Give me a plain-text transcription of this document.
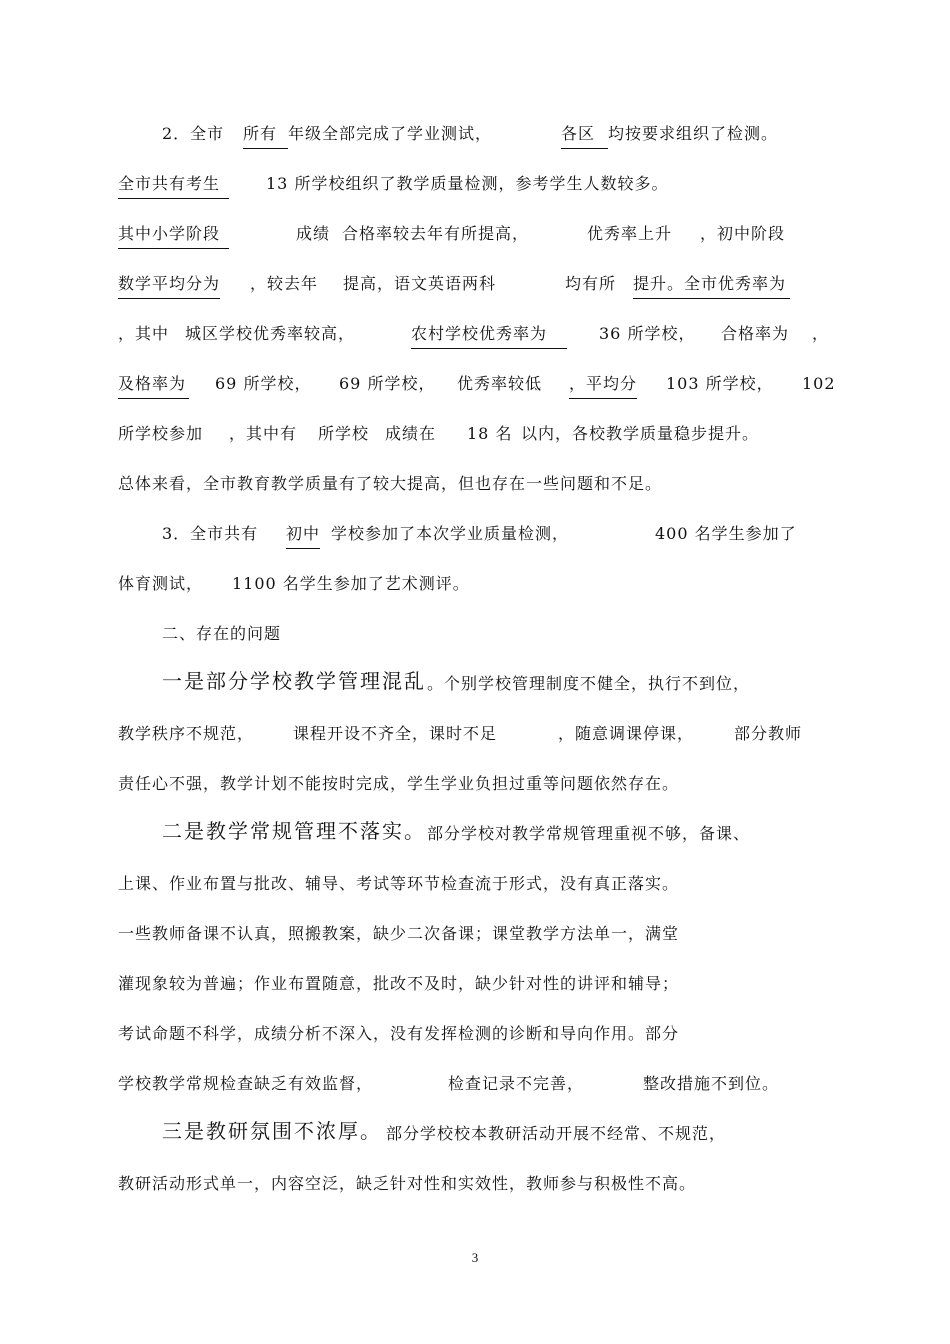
2．全市 所有 年级全部完成了学业测试，	各区 均按要求组织了检测。
全市共有考生	13 所学校组织了教学质量检测，参考学生人数较多。
其中小学阶段	成绩 合格率较去年有所提高，	优秀率上升 ，初中阶段
数学平均分为 ，较去年 提高，语文英语两科	均有所 提升。全市优秀率为
，其中 城区学校优秀率较高，	农村学校优秀率为	36 所学校， 合格率为 ，
及格率为 69 所学校， 69 所学校， 优秀率较低 ，平均分 103 所学校， 102
所学校参加 ，其中有 所学校 成绩在 18 名 以内，各校教学质量稳步提升。
总体来看，全市教育教学质量有了较大提高，但也存在一些问题和不足。
3．全市共有 初中 学校参加了本次学业质量检测，	400 名学生参加了
体育测试， 1100 名学生参加了艺术测评。
二、存在的问题
一是部分学校教学管理混乱 。个别学校管理制度不健全，执行不到位，
教学秩序不规范， 课程开设不齐全，课时不足	，随意调课停课， 部分教师
责任心不强，教学计划不能按时完成，学生学业负担过重等问题依然存在。
二是教学常规管理不落实。 部分学校对教学常规管理重视不够，备课、
上课、作业布置与批改、辅导、考试等环节检查流于形式，没有真正落实。
一些教师备课不认真，照搬教案，缺少二次备课；课堂教学方法单一，满堂
灌现象较为普遍；作业布置随意，批改不及时，缺少针对性的讲评和辅导；
考试命题不科学，成绩分析不深入，没有发挥检测的诊断和导向作用。部分
学校教学常规检查缺乏有效监督，	检查记录不完善，	整改措施不到位。
三是教研氛围不浓厚。 部分学校校本教研活动开展不经常、不规范，
教研活动形式单一，内容空泛，缺乏针对性和实效性，教师参与积极性不高。
3
